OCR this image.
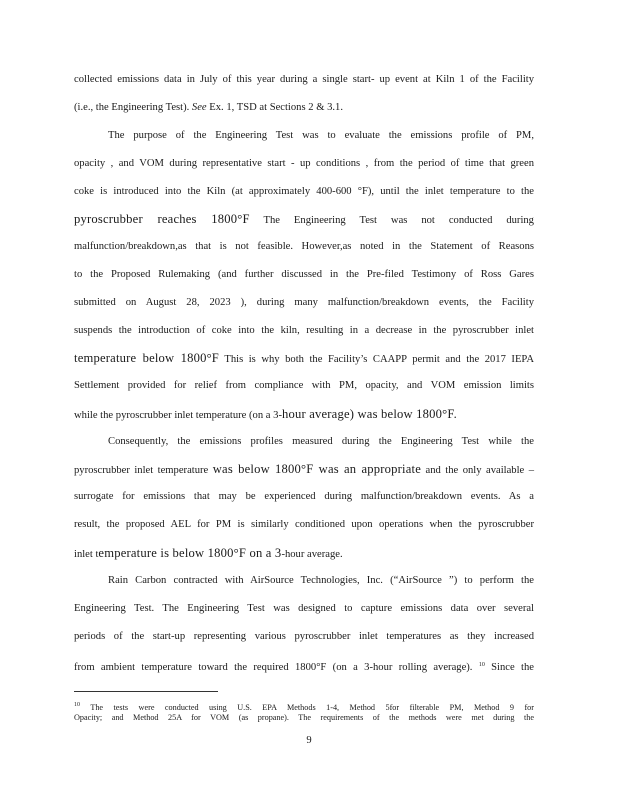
collected emissions data in July of this year during a single start- up event at Kiln 1 of the Facility
(i.e., the Engineering Test). See Ex. 1, TSD at Sections 2 & 3.1.
The purpose of the Engineering Test was to evaluate the emissions profile of PM,
opacity , and VOM during representative start - up conditions , from the period of time that green
coke is introduced into the Kiln (at approximately 400-600 °F), until the inlet temperature to the
pyroscrubber reaches 1800°F The Engineering Test was not conducted during
malfunction/breakdown,as that is not feasible. However,as noted in the Statement of Reasons
to the Proposed Rulemaking (and further discussed in the Pre-filed Testimony of Ross Gares
submitted on August 28, 2023 ), during many malfunction/breakdown events, the Facility
suspends the introduction of coke into the kiln, resulting in a decrease in the pyroscrubber inlet
temperature below 1800°F This is why both the Facility’s CAAPP permit and the 2017 IEPA
Settlement provided for relief from compliance with PM, opacity, and VOM emission limits
while the pyroscrubber inlet temperature (on a 3-hour average) was below 1800°F.
Consequently, the emissions profiles measured during the Engineering Test while the
pyroscrubber inlet temperature was below 1800°F was an appropriate and the only available –
surrogate for emissions that may be experienced during malfunction/breakdown events. As a
result, the proposed AEL for PM is similarly conditioned upon operations when the pyroscrubber
inlet temperature is below 1800°F on a 3-hour average.
Rain Carbon contracted with AirSource Technologies, Inc. (“AirSource ”) to perform the
Engineering Test. The Engineering Test was designed to capture emissions data over several
periods of the start-up representing various pyroscrubber inlet temperatures as they increased
from ambient temperature toward the required 1800°F (on a 3-hour rolling average). $^{10}$ Since the
$^{10}$ The tests were conducted using U.S. EPA Methods 1-4, Method 5for filterable PM, Method 9 for
Opacity; and Method 25A for VOM (as propane). The requirements of the methods were met during the
9
